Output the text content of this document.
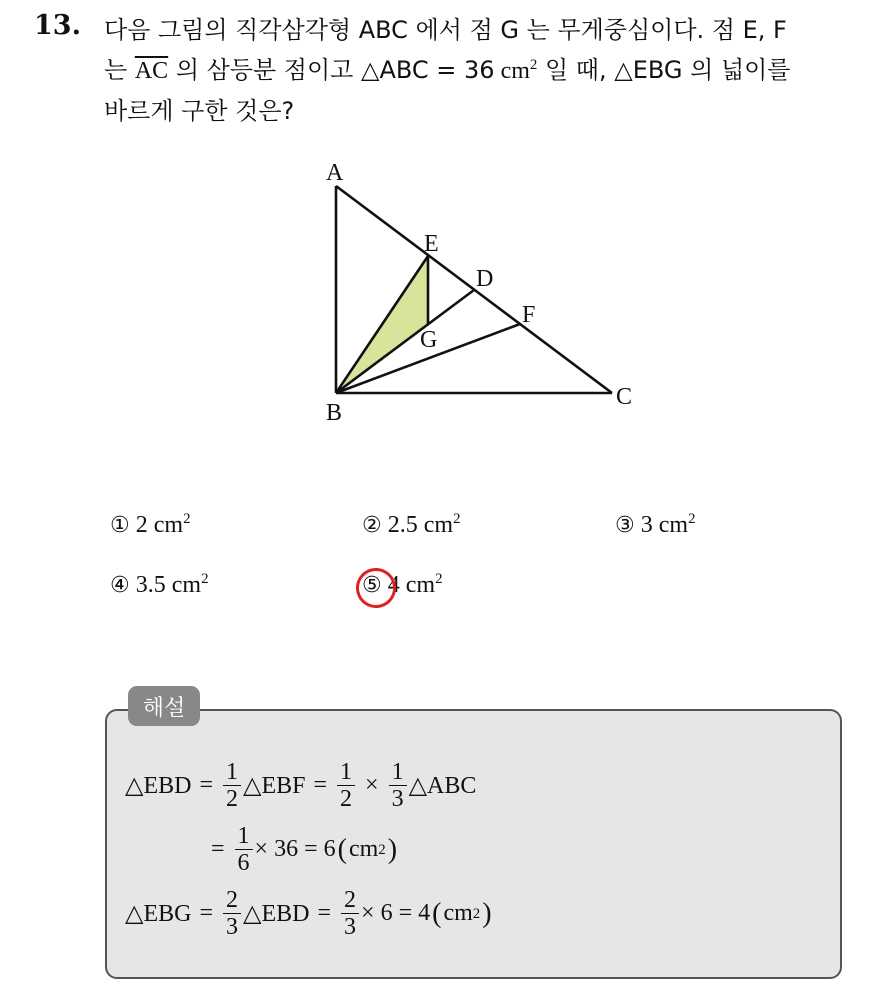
13. 다음 그림의 직각삼각형 ABC 에서 점 G 는 무게중심이다. 점 E, F
는 $\overline{AC}$ 의 삼등분 점이고 △ABC = 36 $cm^2$ 일 때, △EBG 의 넓이를
바르게 구한 것은?
A
B
C
D
E
F
G
① 2 $cm^2$	② 2.5 $cm^2$	③ 3 $cm^2$
④ 3.5 $cm^2$	⑤ 4 $cm^2$
△EBD = $\frac{1}{2}$ △EBF = $\frac{1}{2} \times \frac{1}{3}$ △ABC
= $\frac{1}{6} \times 36 = 6$ ( cm 2 )
△EBG = $\frac{2}{3}$ △EBD = $\frac{2}{3} \times 6 = 4$ ( cm 2 )
해설
